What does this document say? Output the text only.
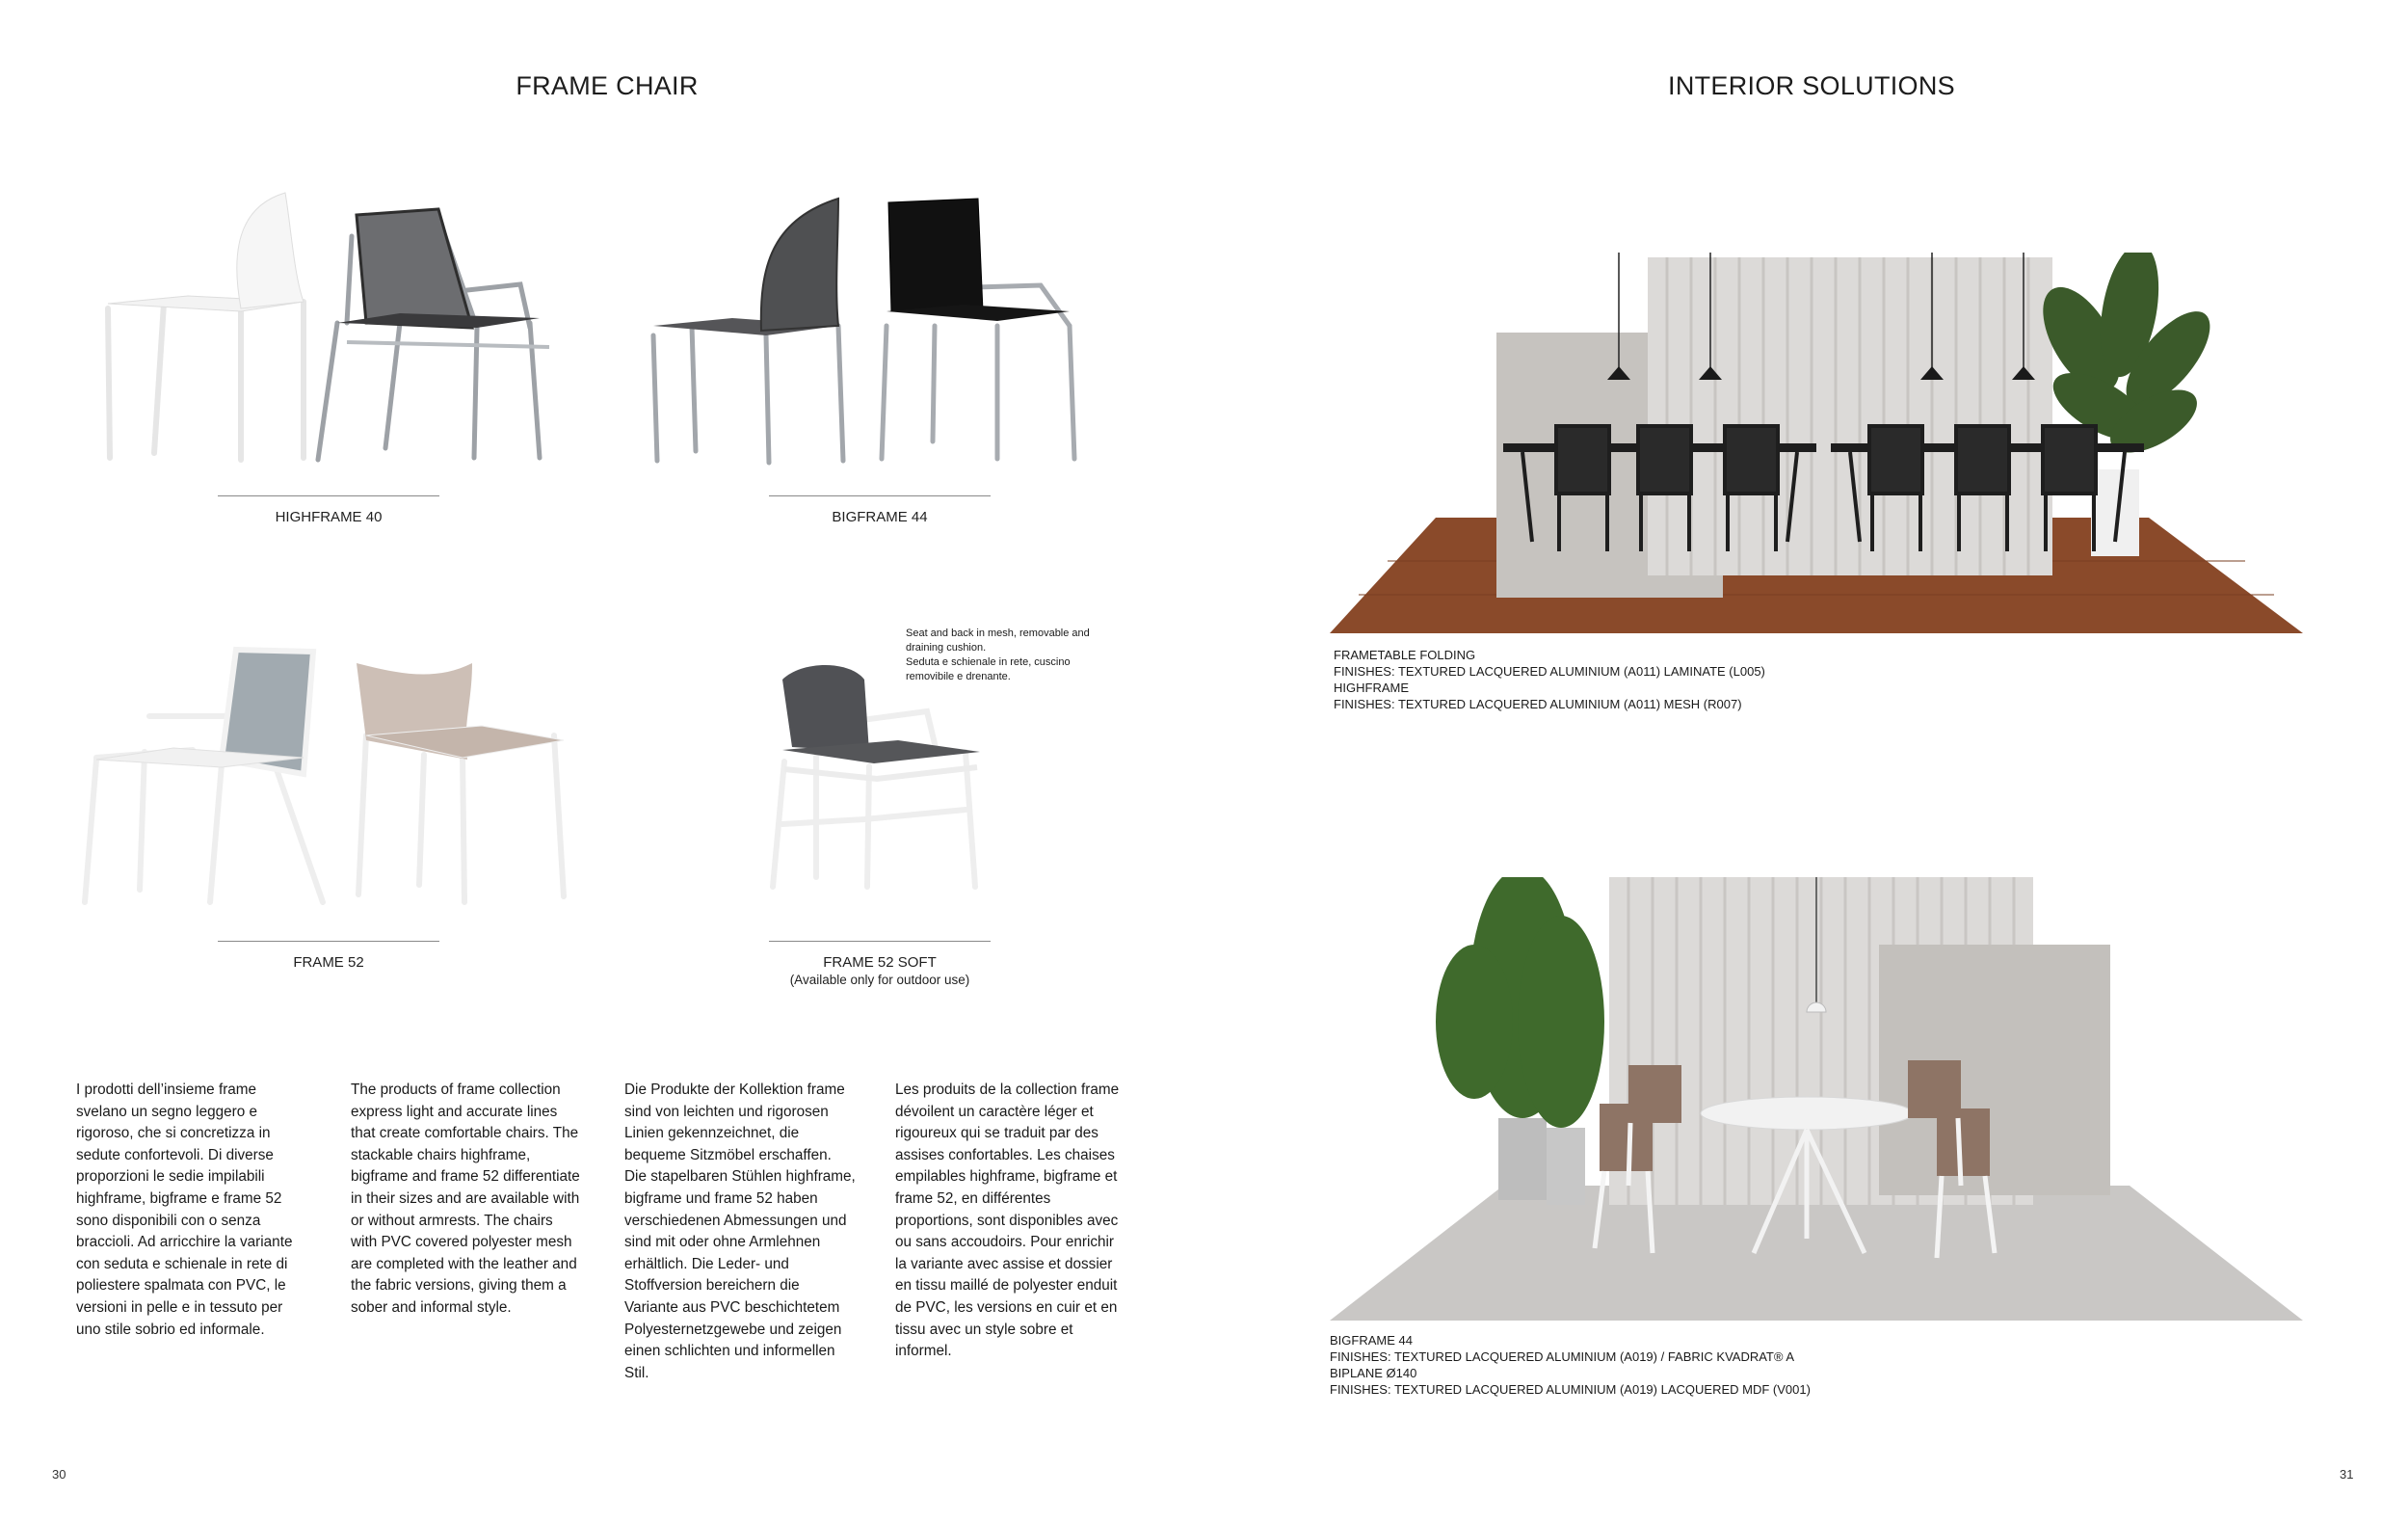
FRAME CHAIR
HIGHFRAME 40	BIGFRAME 44
FRAME 52
Seat and back in mesh, removable and
draining cushion.
Seduta e schienale in rete, cuscino
removibile e drenante.
FRAME 52 SOFT
(Available only for outdoor use)
I prodotti dell’insieme frame svelano un segno leggero e rigoroso, che si concretizza in sedute confortevoli. Di diverse proporzioni le sedie impilabili highframe, bigframe e frame 52 sono disponibili con o senza braccioli. Ad arricchire la variante con seduta e schienale in rete di poliestere spalmata con PVC, le versioni in pelle e in tessuto per uno stile sobrio ed informale.
The products of frame collection express light and accurate lines that create comfortable chairs. The stackable chairs highframe, bigframe and frame 52 differentiate in their sizes and are available with or without armrests. The chairs with PVC covered polyester mesh are completed with the leather and the fabric versions, giving them a sober and informal style.
Die Produkte der Kollektion frame sind von leichten und rigorosen Linien gekennzeichnet, die bequeme Sitzmöbel erschaffen. Die stapelbaren Stühlen highframe, bigframe und frame 52 haben verschiedenen Abmessungen und sind mit oder ohne Armlehnen erhältlich. Die Leder- und Stoffversion bereichern die Variante aus PVC beschichtetem Polyesternetzgewebe und zeigen einen schlichten und informellen Stil.
Les produits de la collection frame dévoilent un caractère léger et rigoureux qui se traduit par des assises confortables. Les chaises empilables highframe, bigframe et frame 52, en différentes proportions, sont disponibles avec ou sans accoudoirs. Pour enrichir la variante avec assise et dossier en tissu maillé de polyester enduit de PVC, les versions en cuir et en tissu avec un style sobre et informel.
30
INTERIOR SOLUTIONS
FRAMETABLE FOLDING
FINISHES: TEXTURED LACQUERED ALUMINIUM (A011) LAMINATE (L005)
HIGHFRAME
FINISHES: TEXTURED LACQUERED ALUMINIUM (A011) MESH (R007)
BIGFRAME 44
FINISHES: TEXTURED LACQUERED ALUMINIUM (A019) / FABRIC KVADRAT® A
BIPLANE Ø140
FINISHES: TEXTURED LACQUERED ALUMINIUM (A019) LACQUERED MDF (V001)
31
